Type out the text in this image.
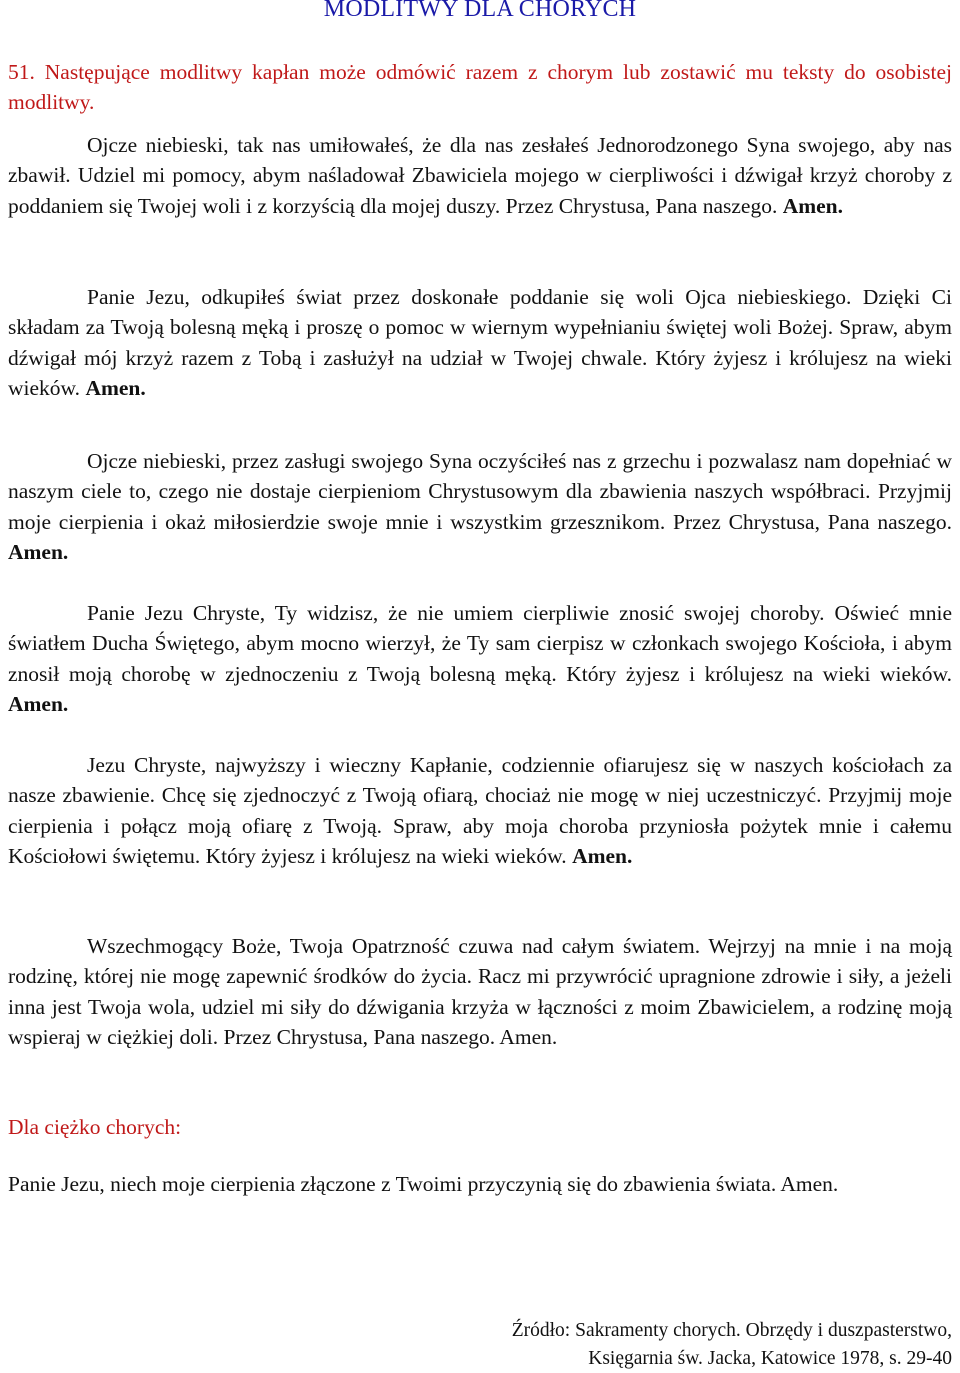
MODLITWY DLA CHORYCH
51. Następujące modlitwy kapłan może odmówić razem z chorym lub zostawić mu teksty do osobistej modlitwy.

Ojcze niebieski, tak nas umiłowałeś, że dla nas zesłałeś Jednorodzonego Syna swojego, aby nas zbawił. Udziel mi pomocy, abym naśladował Zbawiciela mojego w cierpliwości i dźwigał krzyż choroby z poddaniem się Twojej woli i z korzyścią dla mojej duszy. Przez Chrystusa, Pana naszego. Amen.

Panie Jezu, odkupiłeś świat przez doskonałe poddanie się woli Ojca niebieskiego. Dzięki Ci składam za Twoją bolesną męką i proszę o pomoc w wiernym wypełnianiu świętej woli Bożej. Spraw, abym dźwigał mój krzyż razem z Tobą i zasłużył na udział w Twojej chwale. Który żyjesz i królujesz na wieki wieków. Amen.

Ojcze niebieski, przez zasługi swojego Syna oczyściłeś nas z grzechu i pozwalasz nam dopełniać w naszym ciele to, czego nie dostaje cierpieniom Chrystusowym dla zbawienia naszych współbraci. Przyjmij moje cierpienia i okaż miłosierdzie swoje mnie i wszystkim grzesznikom. Przez Chrystusa, Pana naszego. Amen.

Panie Jezu Chryste, Ty widzisz, że nie umiem cierpliwie znosić swojej choroby. Oświeć mnie światłem Ducha Świętego, abym mocno wierzył, że Ty sam cierpisz w członkach swojego Kościoła, i abym znosił moją chorobę w zjednoczeniu z Twoją bolesną męką. Który żyjesz i królujesz na wieki wieków. Amen.

Jezu Chryste, najwyższy i wieczny Kapłanie, codziennie ofiarujesz się w naszych kościołach za nasze zbawienie. Chcę się zjednoczyć z Twoją ofiarą, chociaż nie mogę w niej uczestniczyć. Przyjmij moje cierpienia i połącz moją ofiarę z Twoją. Spraw, aby moja choroba przyniosła pożytek mnie i całemu Kościołowi świętemu. Który żyjesz i królujesz na wieki wieków. Amen.

Wszechmogący Boże, Twoja Opatrzność czuwa nad całym światem. Wejrzyj na mnie i na moją rodzinę, której nie mogę zapewnić środków do życia. Racz mi przywrócić upragnione zdrowie i siły, a jeżeli inna jest Twoja wola, udziel mi siły do dźwigania krzyża w łączności z moim Zbawicielem, a rodzinę moją wspieraj w ciężkiej doli. Przez Chrystusa, Pana naszego. Amen.

Dla ciężko chorych:
Panie Jezu, niech moje cierpienia złączone z Twoimi przyczynią się do zbawienia świata. Amen.
Źródło: Sakramenty chorych. Obrzędy i duszpasterstwo,
Księgarnia św. Jacka, Katowice 1978, s. 29-40
